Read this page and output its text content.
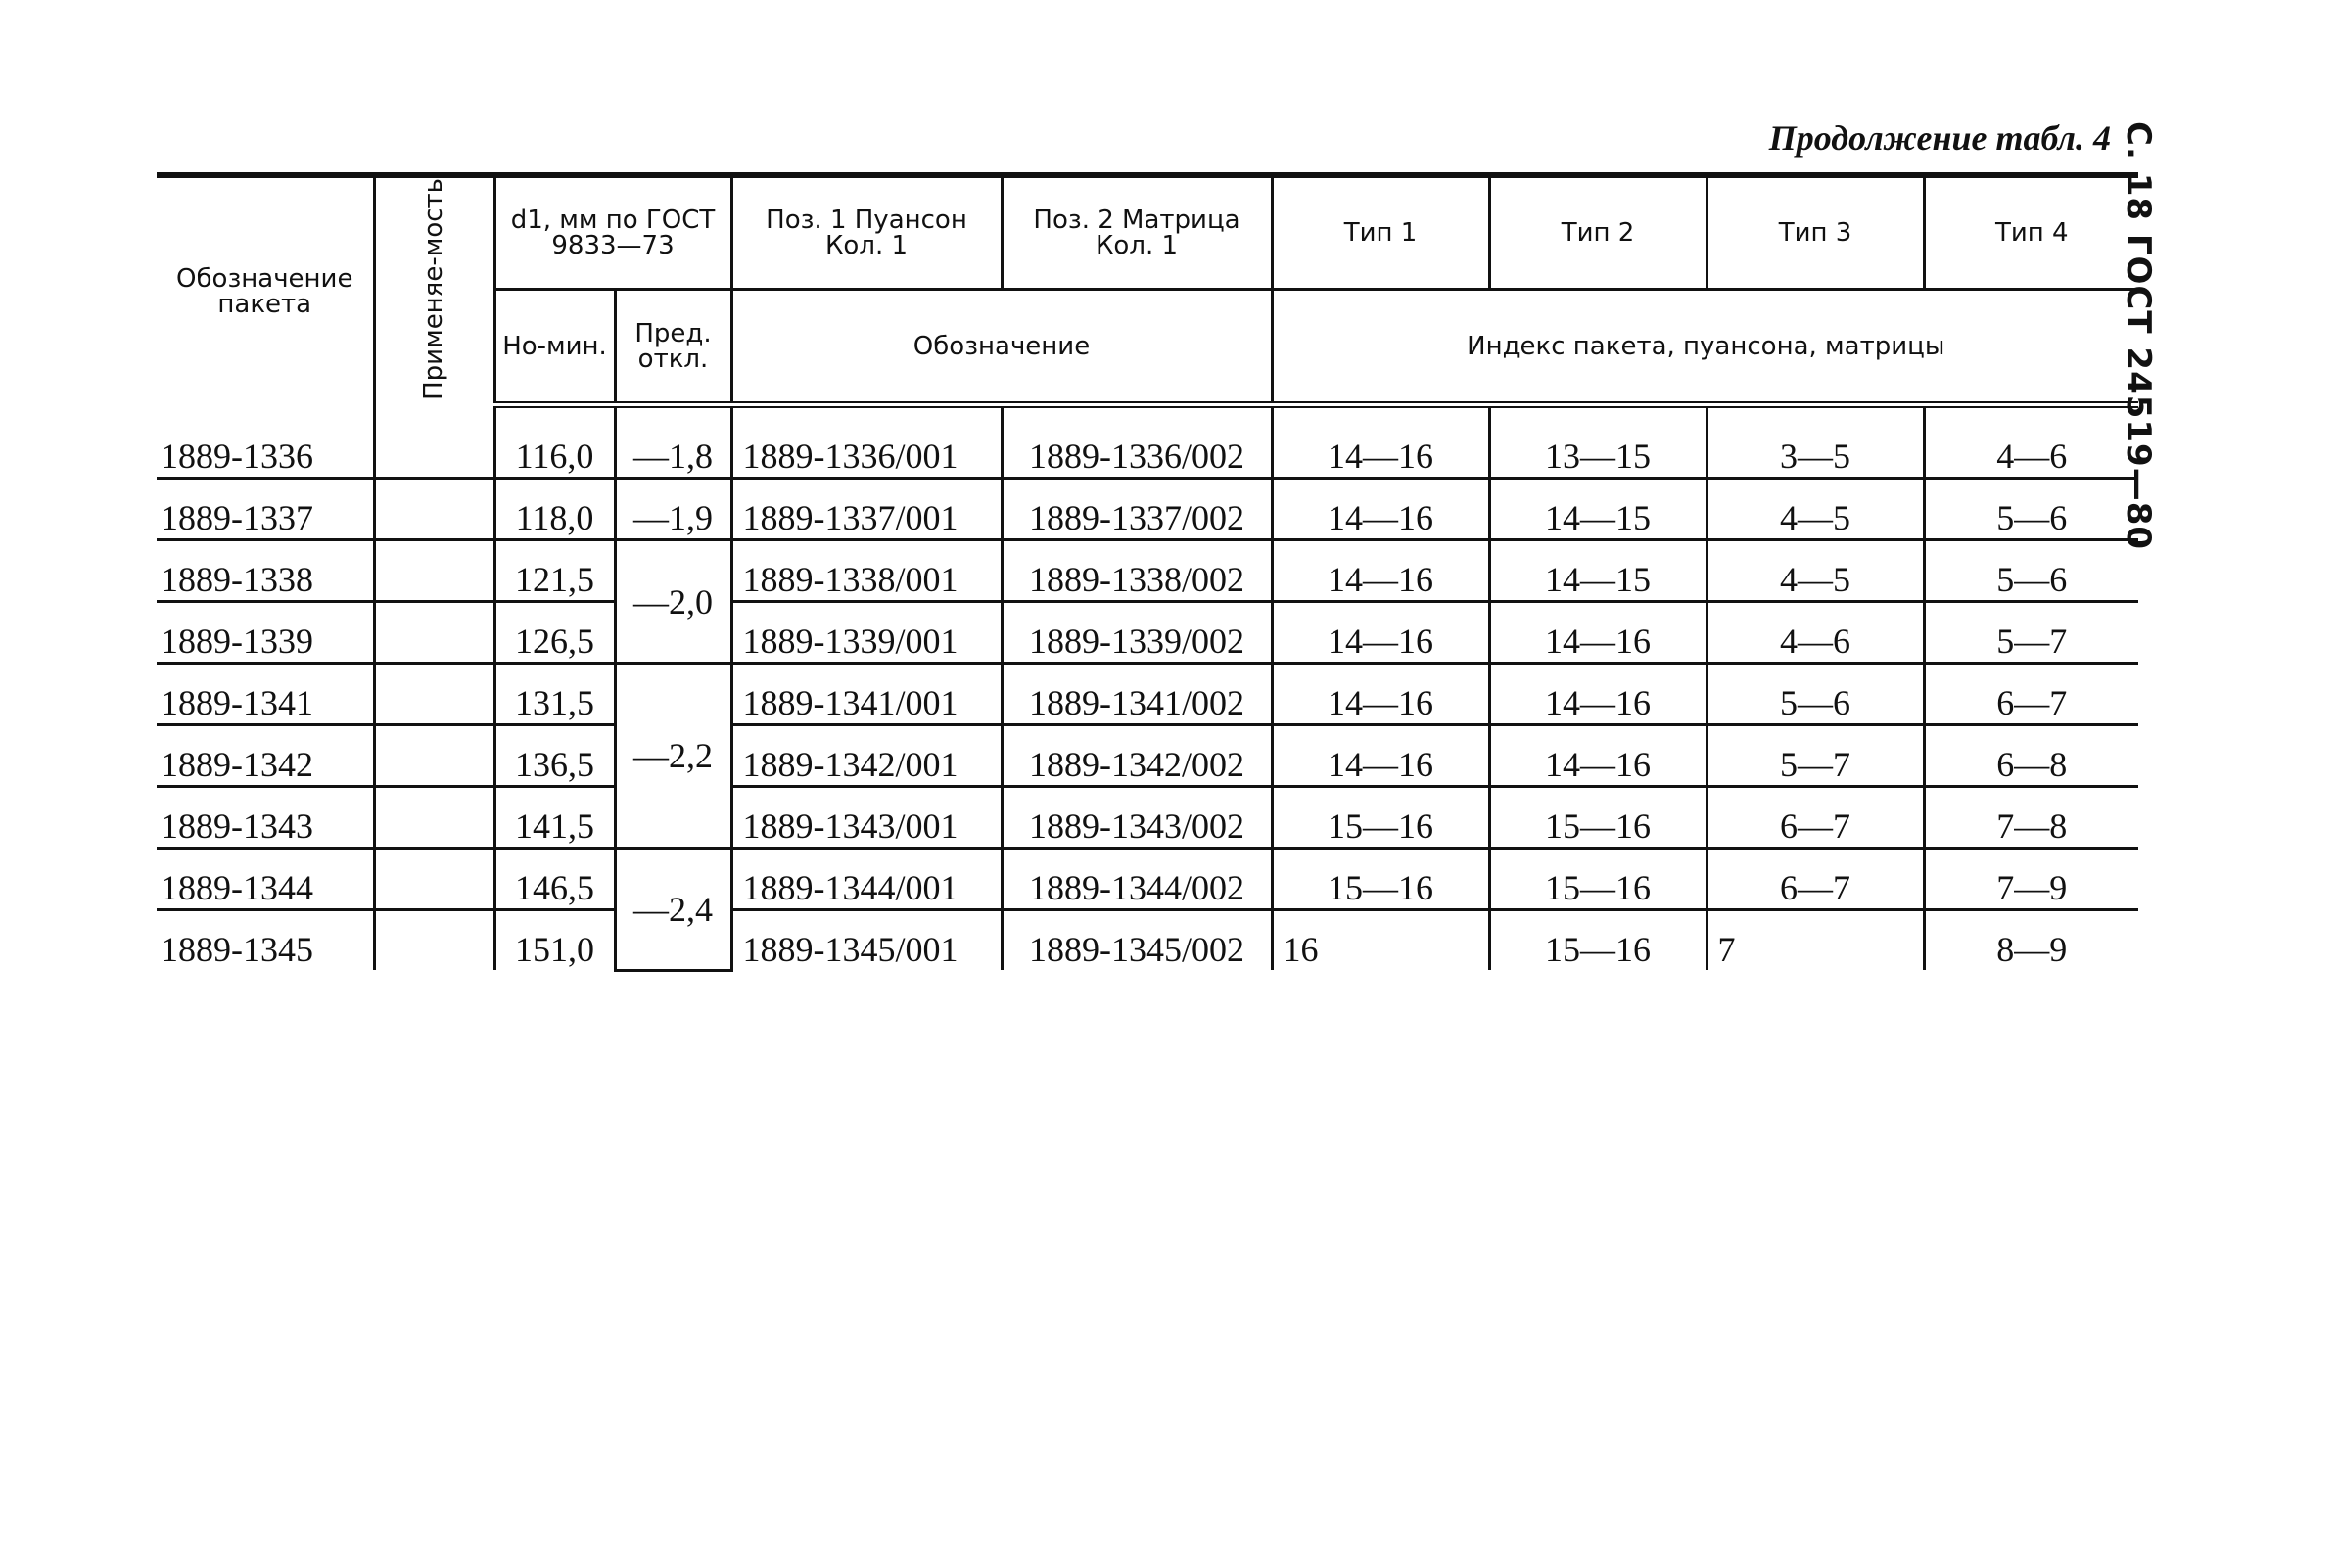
С. 18 ГОСТ 24519—80
Продолжение табл. 4
Обозначение пакета	Применяе-мость	d1, мм по ГОСТ 9833—73		Поз. 1 Пуансон Кол. 1	Поз. 2 Матрица Кол. 1	Тип 1	Тип 2	Тип 3	Тип 4
		Но-мин.	Пред. откл.	Обозначение		Индекс пакета, пуансона, матрицы			
1889-1336		116,0	—1,8	1889-1336/001	1889-1336/002	14—16	13—15	3—5	4—6
1889-1337		118,0	—1,9	1889-1337/001	1889-1337/002	14—16	14—15	4—5	5—6
1889-1338		121,5	—2,0	1889-1338/001	1889-1338/002	14—16	14—15	4—5	5—6
1889-1339		126,5		1889-1339/001	1889-1339/002	14—16	14—16	4—6	5—7
1889-1341		131,5	—2,2	1889-1341/001	1889-1341/002	14—16	14—16	5—6	6—7
1889-1342		136,5		1889-1342/001	1889-1342/002	14—16	14—16	5—7	6—8
1889-1343		141,5		1889-1343/001	1889-1343/002	15—16	15—16	6—7	7—8
1889-1344		146,5	—2,4	1889-1344/001	1889-1344/002	15—16	15—16	6—7	7—9
1889-1345		151,0		1889-1345/001	1889-1345/002	16	15—16	7	8—9
